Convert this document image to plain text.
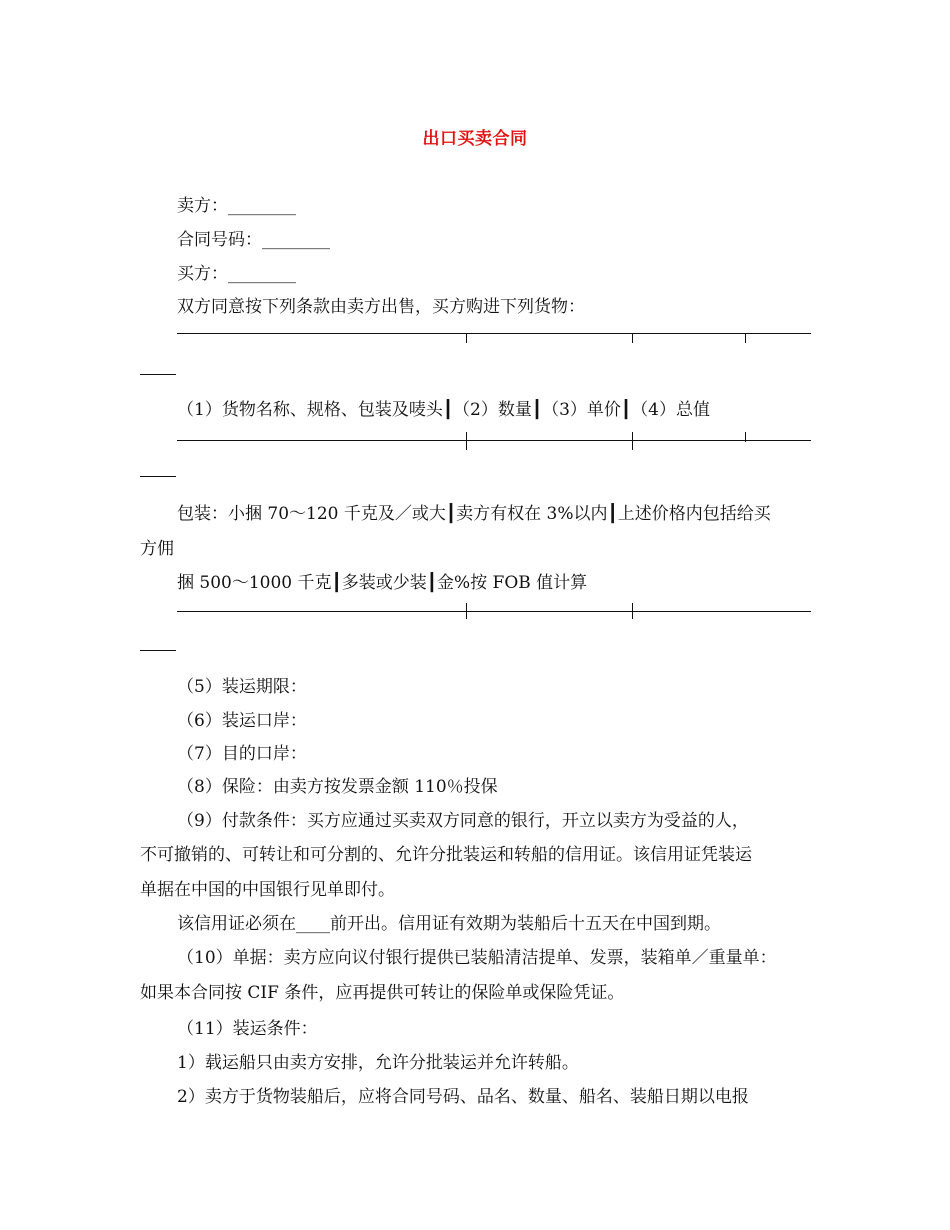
出口买卖合同
卖方：________
合同号码：________
买方：________
双方同意按下列条款由卖方出售，买方购进下列货物：
（1）货物名称、规格、包装及唛头┃（2）数量┃（3）单价┃（4）总值
包装：小捆 70～120 千克及／或大┃卖方有权在 3%以内┃上述价格内包括给买
方佣
捆 500～1000 千克┃多装或少装┃金%按 FOB 值计算
（5）装运期限：
（6）装运口岸：
（7）目的口岸：
（8）保险：由卖方按发票金额 110％投保
（9）付款条件：买方应通过买卖双方同意的银行，开立以卖方为受益的人，
不可撤销的、可转让和可分割的、允许分批装运和转船的信用证。该信用证凭装运
单据在中国的中国银行见单即付。
该信用证必须在____前开出。信用证有效期为装船后十五天在中国到期。
（10）单据：卖方应向议付银行提供已装船清洁提单、发票，装箱单／重量单：
如果本合同按 CIF 条件，应再提供可转让的保险单或保险凭证。
（11）装运条件：
1）载运船只由卖方安排，允许分批装运并允许转船。
2）卖方于货物装船后，应将合同号码、品名、数量、船名、装船日期以电报
